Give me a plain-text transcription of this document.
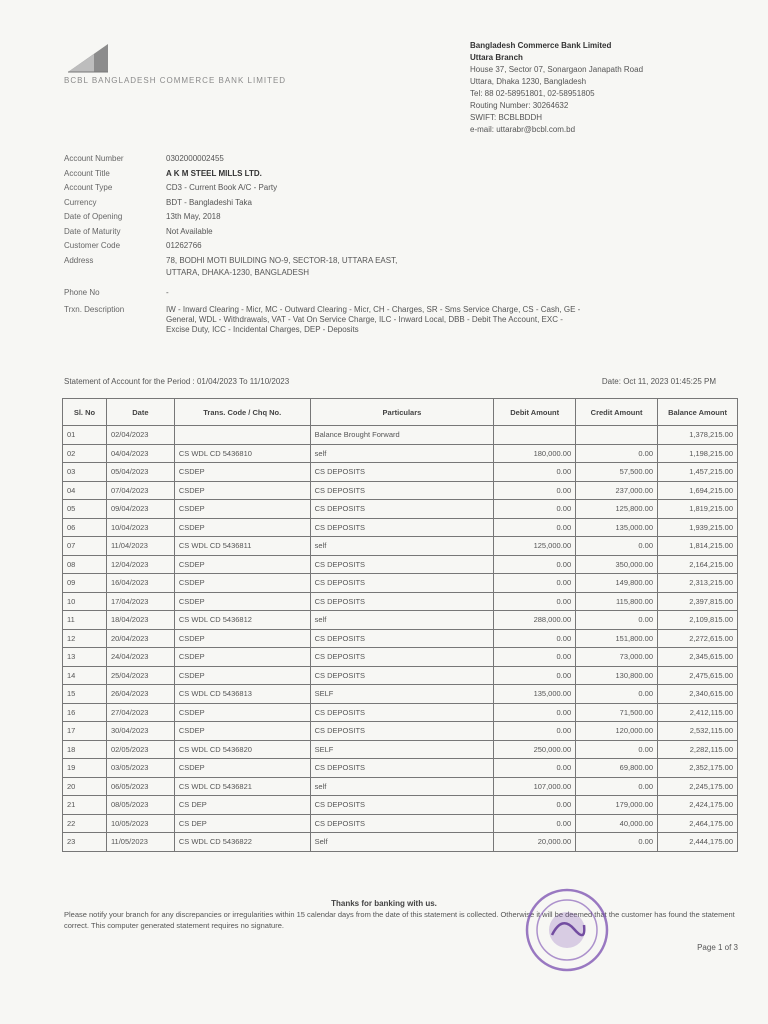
BCBL BANGLADESH COMMERCE BANK LIMITED
Bangladesh Commerce Bank Limited
Uttara Branch
House 37, Sector 07, Sonargaon Janapath Road
Uttara, Dhaka 1230, Bangladesh
Tel: 88 02-58951801, 02-58951805
Routing Number: 30264632
SWIFT: BCBLBDDH
e-mail: uttarabr@bcbl.com.bd
Account Number	0302000002455
Account Title	A K M STEEL MILLS LTD.
Account Type	CD3 - Current Book A/C - Party
Currency	BDT - Bangladeshi Taka
Date of Opening	13th May, 2018
Date of Maturity	Not Available
Customer Code	01262766
Address	78, BODHI MOTI BUILDING NO-9, SECTOR-18, UTTARA EAST,
UTTARA, DHAKA-1230, BANGLADESH
Phone No	-
Trxn. Description	IW - Inward Clearing - Micr, MC - Outward Clearing - Micr, CH - Charges, SR - Sms Service Charge, CS - Cash, GE -
General, WDL - Withdrawals, VAT - Vat On Service Charge, ILC - Inward Local, DBB - Debit The Account, EXC -
Excise Duty, ICC - Incidental Charges, DEP - Deposits
Statement of Account for the Period : 01/04/2023 To 11/10/2023	Date: Oct 11, 2023 01:45:25 PM
Sl. No	Date	Trans. Code / Chq No.	Particulars	Debit Amount	Credit Amount	Balance Amount
01	02/04/2023		Balance Brought Forward			1,378,215.00
02	04/04/2023	CS WDL CD 5436810	self	180,000.00	0.00	1,198,215.00
03	05/04/2023	CSDEP	CS DEPOSITS	0.00	57,500.00	1,457,215.00
04	07/04/2023	CSDEP	CS DEPOSITS	0.00	237,000.00	1,694,215.00
05	09/04/2023	CSDEP	CS DEPOSITS	0.00	125,800.00	1,819,215.00
06	10/04/2023	CSDEP	CS DEPOSITS	0.00	135,000.00	1,939,215.00
07	11/04/2023	CS WDL CD 5436811	self	125,000.00	0.00	1,814,215.00
08	12/04/2023	CSDEP	CS DEPOSITS	0.00	350,000.00	2,164,215.00
09	16/04/2023	CSDEP	CS DEPOSITS	0.00	149,800.00	2,313,215.00
10	17/04/2023	CSDEP	CS DEPOSITS	0.00	115,800.00	2,397,815.00
11	18/04/2023	CS WDL CD 5436812	self	288,000.00	0.00	2,109,815.00
12	20/04/2023	CSDEP	CS DEPOSITS	0.00	151,800.00	2,272,615.00
13	24/04/2023	CSDEP	CS DEPOSITS	0.00	73,000.00	2,345,615.00
14	25/04/2023	CSDEP	CS DEPOSITS	0.00	130,800.00	2,475,615.00
15	26/04/2023	CS WDL CD 5436813	SELF	135,000.00	0.00	2,340,615.00
16	27/04/2023	CSDEP	CS DEPOSITS	0.00	71,500.00	2,412,115.00
17	30/04/2023	CSDEP	CS DEPOSITS	0.00	120,000.00	2,532,115.00
18	02/05/2023	CS WDL CD 5436820	SELF	250,000.00	0.00	2,282,115.00
19	03/05/2023	CSDEP	CS DEPOSITS	0.00	69,800.00	2,352,175.00
20	06/05/2023	CS WDL CD 5436821	self	107,000.00	0.00	2,245,175.00
21	08/05/2023	CS DEP	CS DEPOSITS	0.00	179,000.00	2,424,175.00
22	10/05/2023	CS DEP	CS DEPOSITS	0.00	40,000.00	2,464,175.00
23	11/05/2023	CS WDL CD 5436822	Self	20,000.00	0.00	2,444,175.00
Thanks for banking with us.
Please notify your branch for any discrepancies or irregularities within 15 calendar days from the date of this statement is collected. Otherwise it will be deemed that the customer has found the statement correct. This computer generated statement requires no signature.
Page 1 of 3
